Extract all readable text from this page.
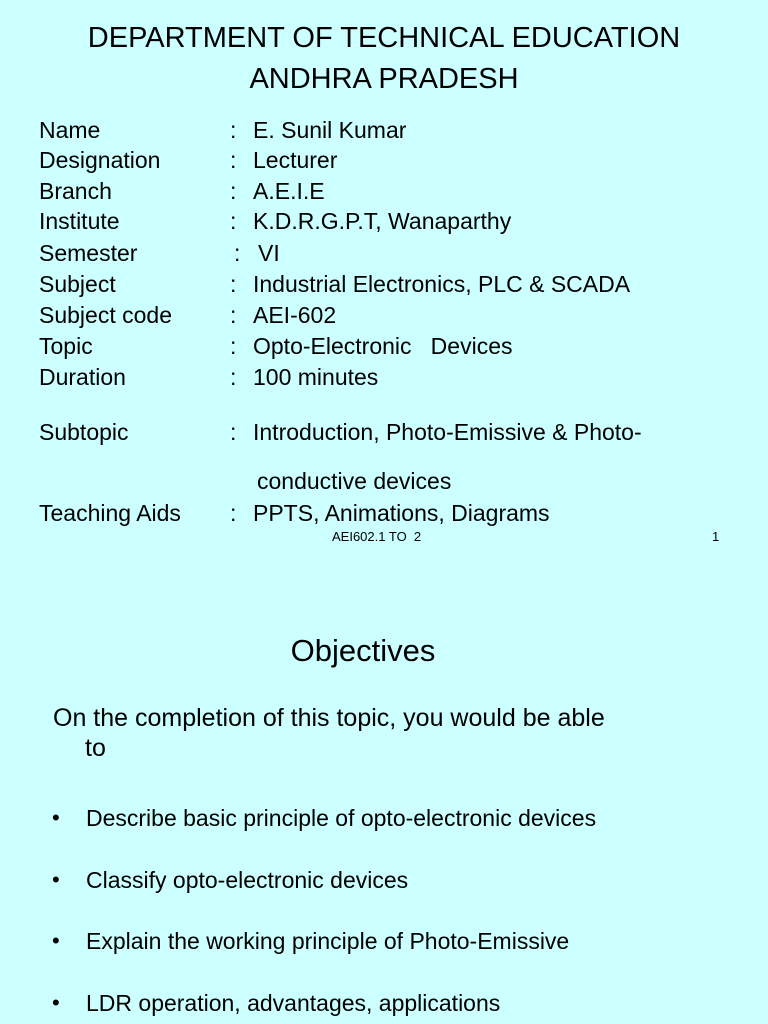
DEPARTMENT OF TECHNICAL EDUCATION
ANDHRA PRADESH
Name	: E. Sunil Kumar
Designation	: Lecturer
Branch	: A.E.I.E
Institute	: K.D.R.G.P.T, Wanaparthy
Semester	: VI
Subject	: Industrial Electronics, PLC & SCADA
Subject code	: AEI-602
Topic	: Opto-Electronic   Devices
Duration	: 100 minutes
Subtopic	: Introduction, Photo-Emissive & Photo-
conductive devices
Teaching Aids : PPTS, Animations, Diagrams
AEI602.1 TO  2	1
Objectives
On the completion of this topic, you would be able
to
• Describe basic principle of opto-electronic devices
• Classify opto-electronic devices
• Explain the working principle of Photo-Emissive
• LDR operation, advantages, applications
